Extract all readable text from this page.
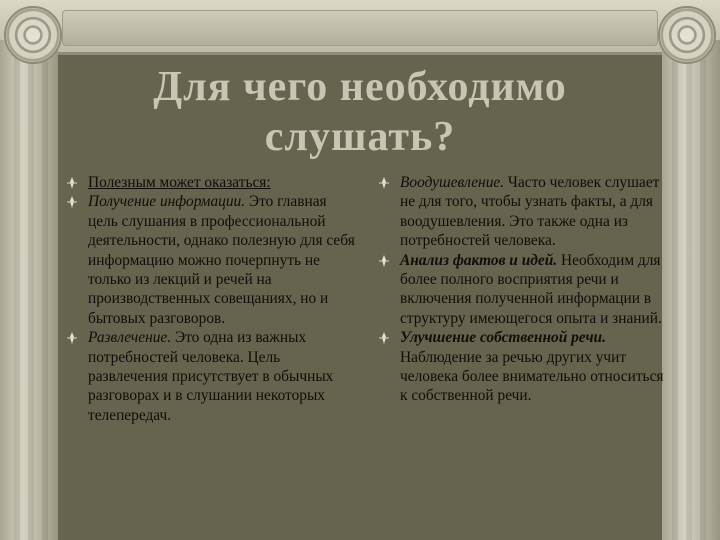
Для чего необходимо
слушать?
Полезным может оказаться:
Получение информации. Это главная цель слушания в профессиональной деятельности, однако полезную для себя информацию можно почерпнуть не только из лекций и речей на производственных совещаниях, но и бытовых разговоров.
Развлечение. Это одна из важных потребностей человека. Цель развлечения присутствует в обычных разговорах и в слушании некоторых телепередач.
Воодушевление. Часто человек слушает не для того, чтобы узнать факты, а для воодушевления. Это также одна из потребностей человека.
Анализ фактов и идей. Необходим для более полного восприятия речи и включения полученной информации в структуру имеющегося опыта и знаний.
Улучшение собственной речи. Наблюдение за речью других учит человека более внимательно относиться к собственной речи.
